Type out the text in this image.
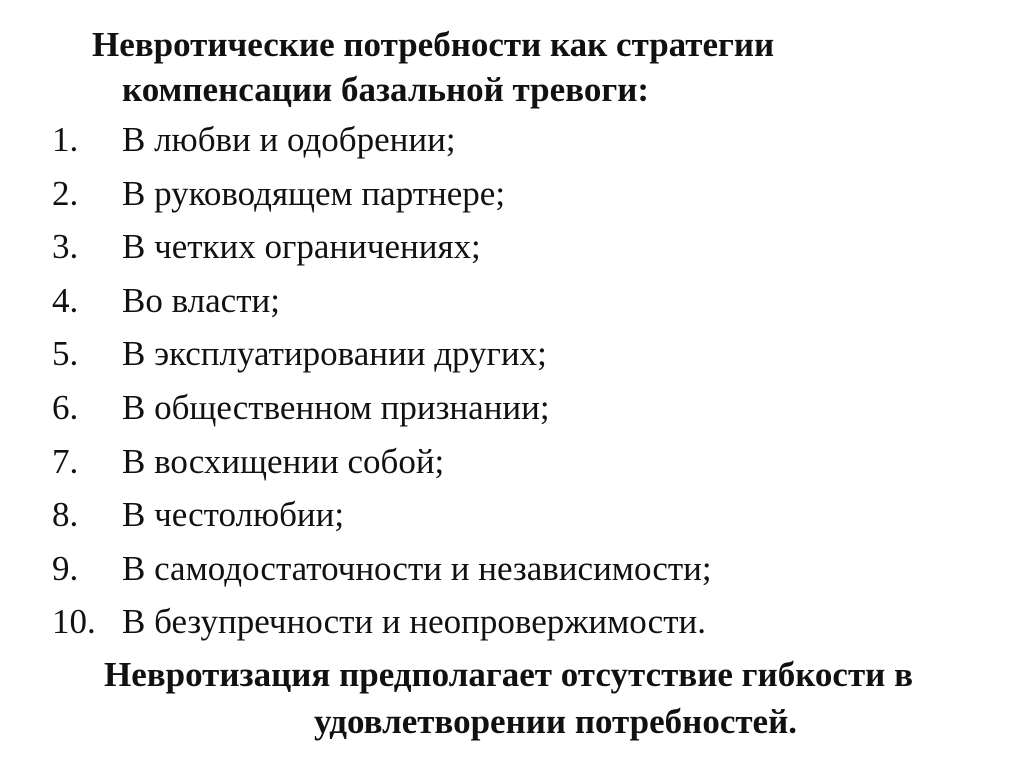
Невротические потребности как стратегии
компенсации базальной тревоги:
1. В любви и одобрении;
2. В руководящем партнере;
3. В четких ограничениях;
4. Во власти;
5. В эксплуатировании других;
6. В общественном признании;
7. В восхищении собой;
8. В честолюбии;
9. В самодостаточности и независимости;
10. В безупречности и неопровержимости.
Невротизация предполагает отсутствие гибкости в
удовлетворении потребностей.
